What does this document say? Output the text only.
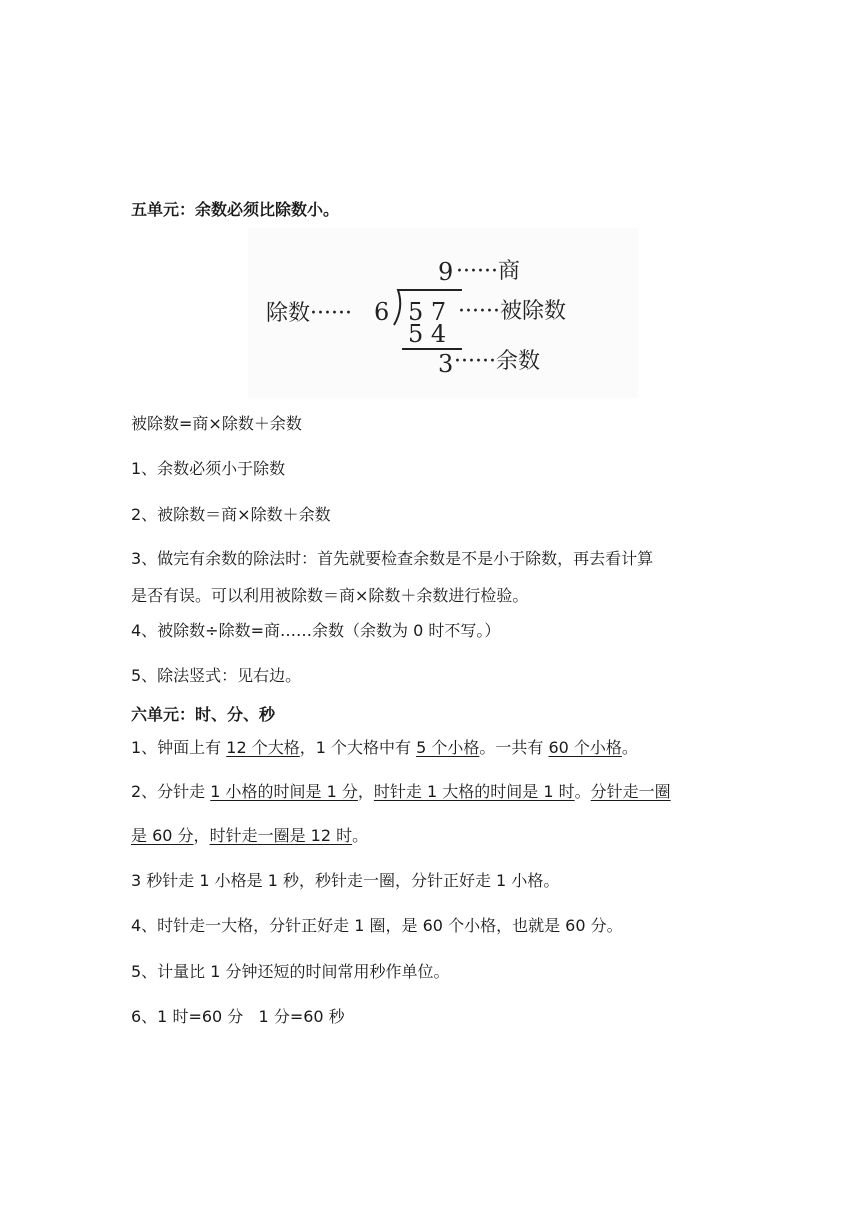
五单元：余数必须比除数小。
9 ······商
除数······ 6 5 7 ······被除数
5 4
3 ······余数
被除数=商×除数＋余数
1、余数必须小于除数
2、被除数＝商×除数＋余数
3、做完有余数的除法时：首先就要检查余数是不是小于除数，再去看计算
是否有误。可以利用被除数＝商×除数＋余数进行检验。
4、被除数÷除数=商……余数（余数为 0 时不写。）
5、除法竖式：见右边。
六单元：时、分、秒
1、钟面上有 12 个大格，1 个大格中有 5 个小格。一共有 60 个小格。
2、分针走 1 小格的时间是 1 分，时针走 1 大格的时间是 1 时。分针走一圈
是 60 分，时针走一圈是 12 时。
3 秒针走 1 小格是 1 秒，秒针走一圈，分针正好走 1 小格。
4、时针走一大格，分针正好走 1 圈，是 60 个小格，也就是 60 分。
5、计量比 1 分钟还短的时间常用秒作单位。
6、1 时=60 分   1 分=60 秒
